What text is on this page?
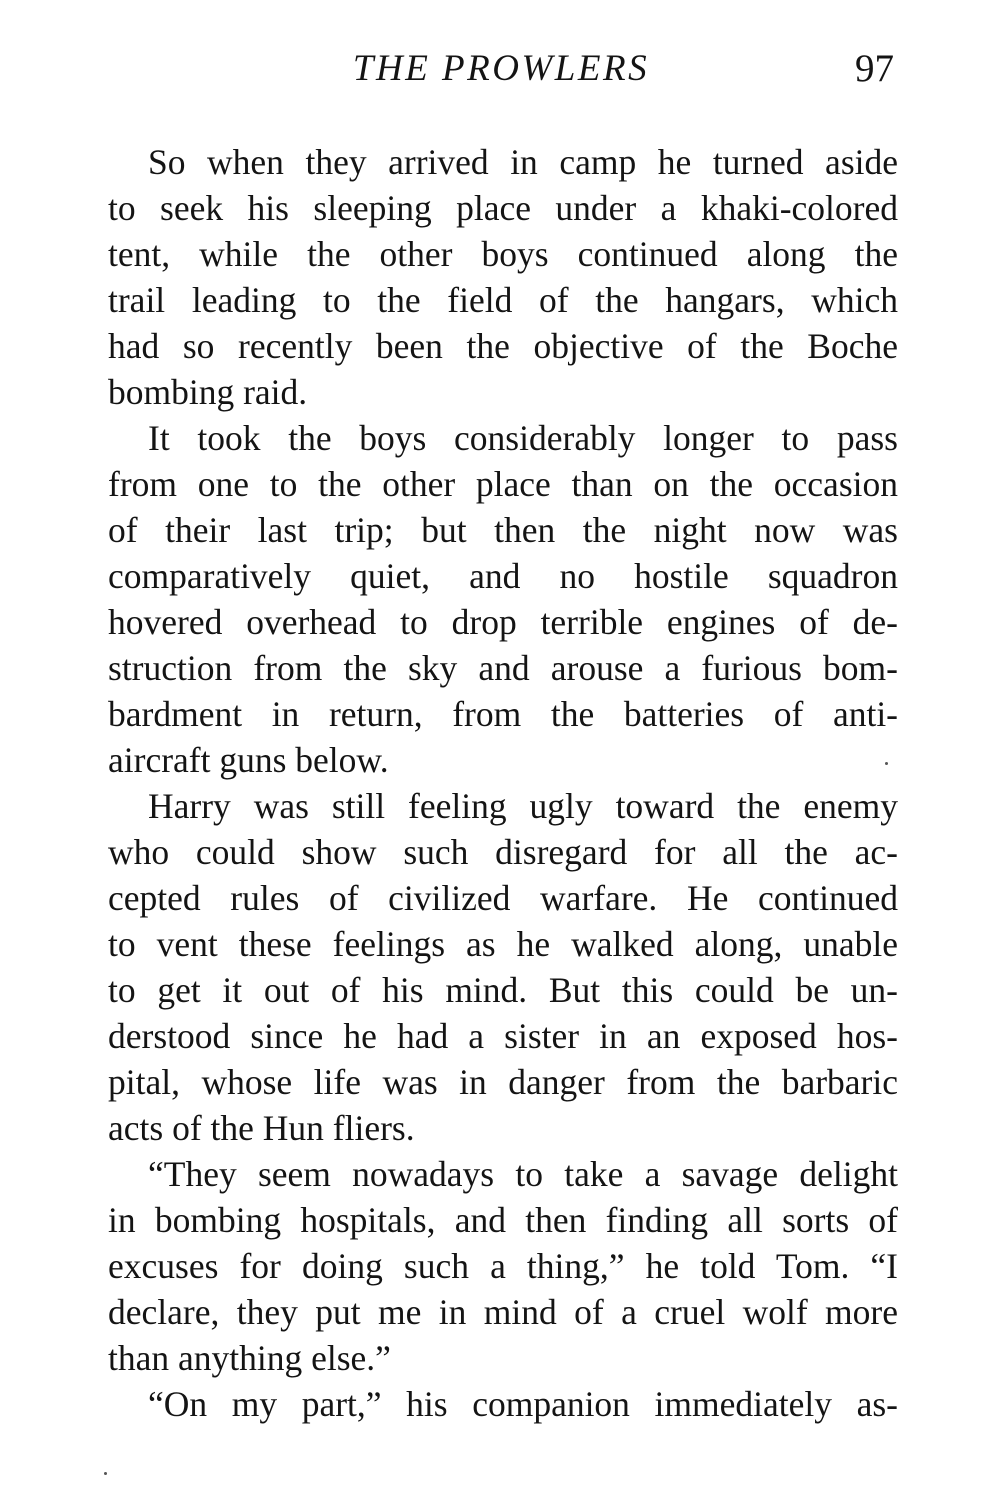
THE PROWLERS	97
So when they arrived in camp he turned aside
to seek his sleeping place under a khaki-colored
tent, while the other boys continued along the
trail leading to the field of the hangars, which
had so recently been the objective of the Boche
bombing raid.
It took the boys considerably longer to pass
from one to the other place than on the occasion
of their last trip; but then the night now was
comparatively quiet, and no hostile squadron
hovered overhead to drop terrible engines of de-
struction from the sky and arouse a furious bom-
bardment in return, from the batteries of anti-
aircraft guns below.
Harry was still feeling ugly toward the enemy
who could show such disregard for all the ac-
cepted rules of civilized warfare. He continued
to vent these feelings as he walked along, unable
to get it out of his mind. But this could be un-
derstood since he had a sister in an exposed hos-
pital, whose life was in danger from the barbaric
acts of the Hun fliers.
“They seem nowadays to take a savage delight
in bombing hospitals, and then finding all sorts of
excuses for doing such a thing,” he told Tom. “I
declare, they put me in mind of a cruel wolf more
than anything else.”
“On my part,” his companion immediately as-
